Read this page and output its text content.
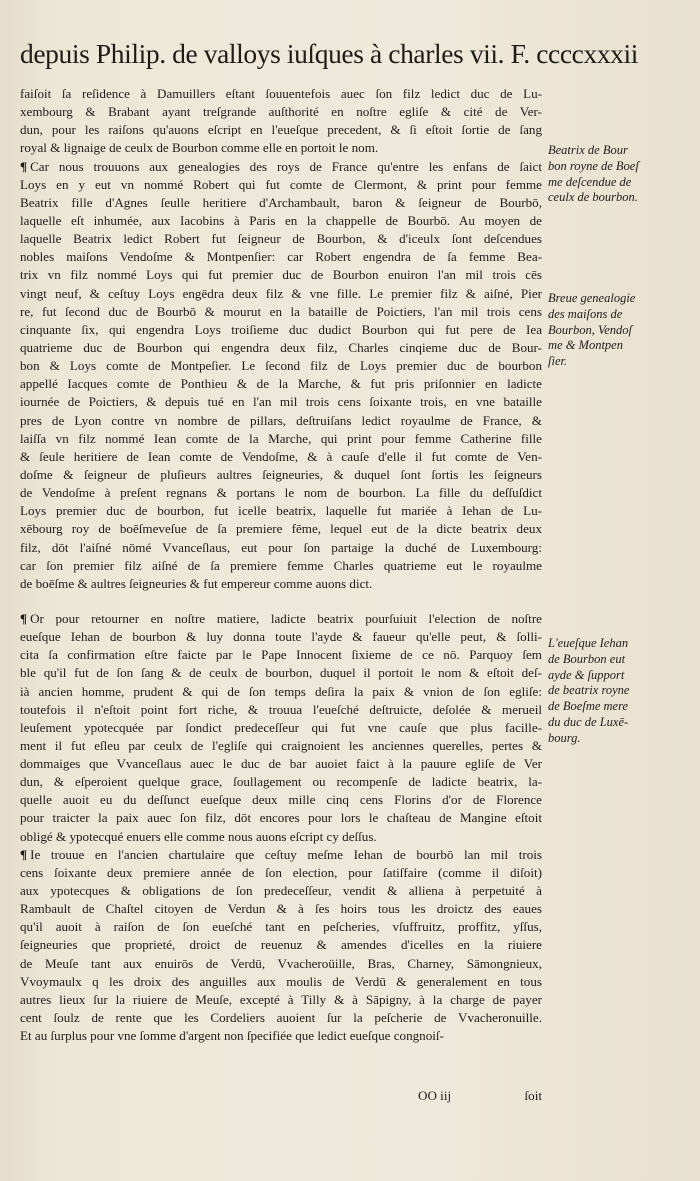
depuis Philip. de valloys iuſques à charles vii. F. ccccxxxii
faiſoit ſa reſidence à Damuillers eſtant ſouuentefois auec ſon filz ledict duc de Lu-
xembourg & Brabant ayant treſgrande auſthorité en noſtre egliſe & cité de Ver-
dun, pour les raiſons qu'auons eſcript en l'eueſque precedent, & ſi eſtoit ſortie de ſang
royal & lignaige de ceulx de Bourbon comme elle en portoit le nom.
¶ Car nous trouuons aux genealogies des roys de France qu'entre les enfans de ſaict
Loys en y eut vn nommé Robert qui fut comte de Clermont, & print pour femme
Beatrix fille d'Agnes ſeulle heritiere d'Archambault, baron & ſeigneur de Bourbō,
laquelle eſt inhumée, aux Iacobins à Paris en la chappelle de Bourbō. Au moyen de
laquelle Beatrix ledict Robert fut ſeigneur de Bourbon, & d'iceulx ſont deſcendues
nobles maiſons Vendoſme & Montpenſier: car Robert engendra de ſa femme Bea-
trix vn filz nommé Loys qui fut premier duc de Bourbon enuiron l'an mil trois cēs
vingt neuf, & ceſtuy Loys engēdra deux filz & vne fille. Le premier filz & aiſné, Pier
re, fut ſecond duc de Bourbō & mourut en la bataille de Poictiers, l'an mil trois cens
cinquante ſix, qui engendra Loys troiſieme duc dudict Bourbon qui fut pere de Iea
quatrieme duc de Bourbon qui engendra deux filz, Charles cinqieme duc de Bour-
bon & Loys comte de Montpeſier. Le ſecond filz de Loys premier duc de bourbon
appellé Iacques comte de Ponthieu & de la Marche, & fut pris priſonnier en ladicte
iournée de Poictiers, & depuis tué en l'an mil trois cens ſoixante trois, en vne bataille
pres de Lyon contre vn nombre de pillars, deſtruiſans ledict royaulme de France, &
laiſſa vn filz nommé Iean comte de la Marche, qui print pour femme Catherine fille
& ſeule heritiere de Iean comte de Vendoſme, & à cauſe d'elle il fut comte de Ven-
doſme & ſeigneur de pluſieurs aultres ſeigneuries, & duquel ſont ſortis les ſeigneurs
de Vendoſme à preſent regnans & portans le nom de bourbon. La fille du deſſuſdict
Loys premier duc de bourbon, fut icelle beatrix, laquelle fut mariée à Iehan de Lu-
xēbourg roy de boēſmeveſue de ſa premiere fēme, lequel eut de la dicte beatrix deux
filz, dōt l'aiſné nōmé Vvanceſlaus, eut pour ſon partaige la duché de Luxembourg:
car ſon premier filz aiſné de ſa premiere femme Charles quatrieme eut le royaulme
de boēſme & aultres ſeigneuries & fut empereur comme auons dict.
¶ Or pour retourner en noſtre matiere, ladicte beatrix pourſuiuit l'election de noſtre
eueſque Iehan de bourbon & luy donna toute l'ayde & faueur qu'elle peut, & ſolli-
cita ſa confirmation eſtre faicte par le Pape Innocent ſixieme de ce nō. Parquoy ſem
ble qu'il fut de ſon ſang & de ceulx de bourbon, duquel il portoit le nom & eſtoit deſ-
ià ancien homme, prudent & qui de ſon temps deſira la paix & vnion de ſon egliſe:
toutefois il n'eſtoit point fort riche, & trouua l'eueſché deſtruicte, deſolée & merueil
leuſement ypotecquée par ſondict predeceſſeur qui fut vne cauſe que plus facille-
ment il fut eſleu par ceulx de l'egliſe qui craignoient les anciennes querelles, pertes &
dommaiges que Vvanceſlaus auec le duc de bar auoiet faict à la pauure egliſe de Ver
dun, & eſperoient quelque grace, ſoullagement ou recompenſe de ladicte beatrix, la-
quelle auoit eu du deſſunct eueſque deux mille cinq cens Florins d'or de Florence
pour traicter la paix auec ſon filz, dōt encores pour lors le chaſteau de Mangine eſtoit
obligé & ypotecqué enuers elle comme nous auons eſcript cy deſſus.
¶ Ie trouue en l'ancien chartulaire que ceſtuy meſme Iehan de bourbō lan mil trois
cens ſoixante deux premiere année de ſon election, pour ſatiſfaire (comme il diſoit)
aux ypotecques & obligations de ſon predeceſſeur, vendit & alliena à perpetuité à
Rambault de Chaſtel citoyen de Verdun & à ſes hoirs tous les droictz des eaues
qu'il auoit à raiſon de ſon eueſché tant en peſcheries, vſuffruitz, proffitz, yſſus,
ſeigneuries que proprieté, droict de reuenuz & amendes d'icelles en la riuiere
de Meuſe tant aux enuirōs de Verdū, Vvacheroüille, Bras, Charney, Sāmongnieux,
Vvoymaulx q les droix des anguilles aux moulis de Verdū & generalement en tous
autres lieux ſur la riuiere de Meuſe, excepté à Tilly & à Sāpigny, à la charge de payer
cent ſoulz de rente que les Cordeliers auoient ſur la peſcherie de Vvacheronuille.
Et au ſurplus pour vne ſomme d'argent non ſpecifiée que ledict eueſque congnoiſ-
Beatrix de Bour
bon royne de Boeſ
me deſcendue de
ceulx de bourbon.
Breue genealogie
des maiſons de
Bourbon, Vendoſ
me & Montpen
ſier.
L'eueſque Iehan
de Bourbon eut
ayde & ſupport
de beatrix royne
de Boeſme mere
du duc de Luxē-
bourg.
OO iij	ſoit
